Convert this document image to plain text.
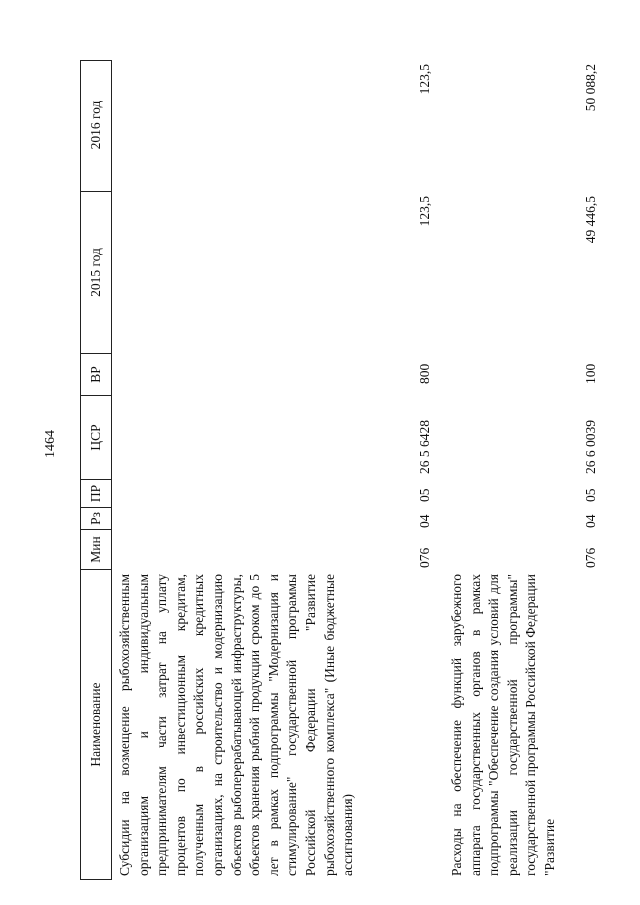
1464
Наименование
Мин
Рз
ПР
ЦСР
ВР
2015 год
2016 год
Субсидии на возмещение рыбохозяйственным организациям и индивидуальным предпринимателям части затрат на уплату процентов по инвестиционным кредитам, полученным в российских кредитных организациях, на строительство и модернизацию объектов рыбоперерабатывающей инфраструктуры, объектов хранения рыбной продукции сроком до 5 лет в рамках подпрограммы "Модернизация и стимулирование" государственной программы Российской Федерации "Развитие рыбохозяйственного комплекса" (Иные бюджетные ассигнования)
076
04
05
26 5 6428
800
123,5
123,5
Расходы на обеспечение функций зарубежного аппарата государственных органов в рамках подпрограммы "Обеспечение создания условий для реализации государственной программы" государственной программы Российской Федерации "Развитие
076
04
05
26 6 0039
100
49 446,5
50 088,2
